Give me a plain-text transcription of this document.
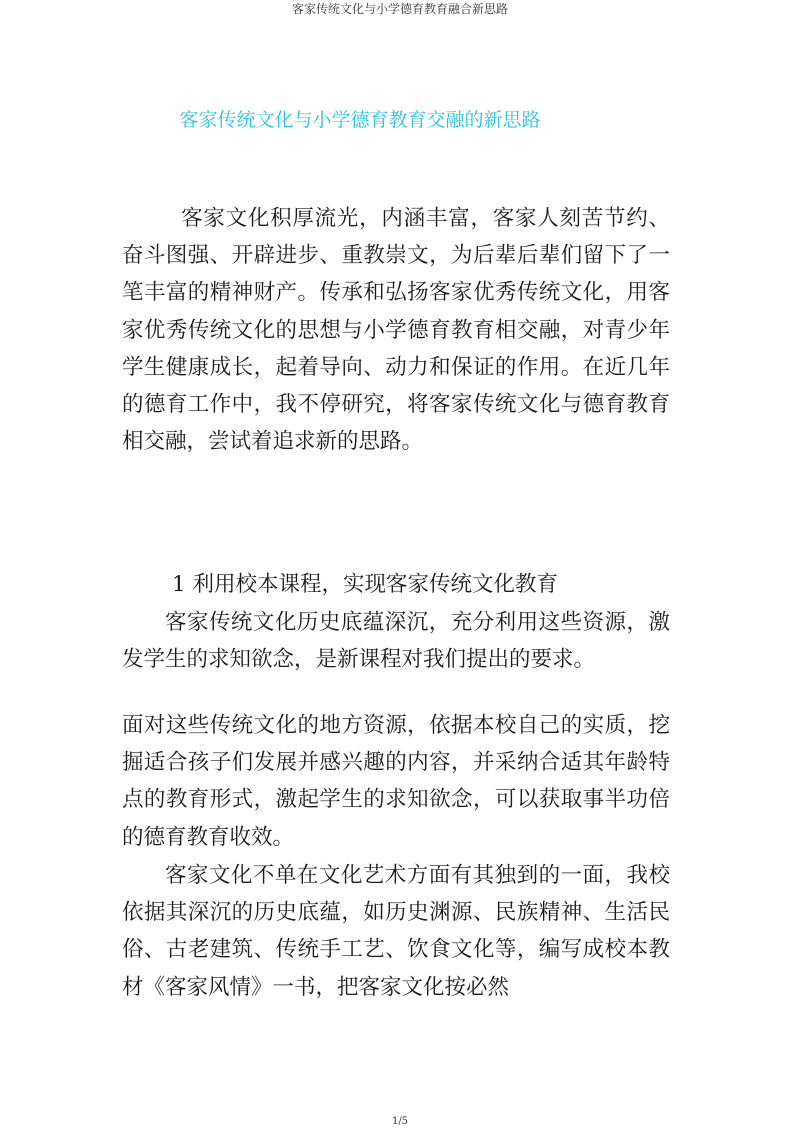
客家传统文化与小学德育教育融合新思路
客家传统文化与小学德育教育交融的新思路

客家文化积厚流光，内涵丰富，客家人刻苦节约、奋斗图强、开辟进步、重教崇文，为后辈后辈们留下了一笔丰富的精神财产。传承和弘扬客家优秀传统文化，用客家优秀传统文化的思想与小学德育教育相交融，对青少年学生健康成长，起着导向、动力和保证的作用。在近几年的德育工作中，我不停研究，将客家传统文化与德育教育相交融，尝试着追求新的思路。

1 利用校本课程，实现客家传统文化教育

客家传统文化历史底蕴深沉，充分利用这些资源，激发学生的求知欲念，是新课程对我们提出的要求。

面对这些传统文化的地方资源，依据本校自己的实质，挖掘适合孩子们发展并感兴趣的内容，并采纳合适其年龄特点的教育形式，激起学生的求知欲念，可以获取事半功倍的德育教育收效。

客家文化不单在文化艺术方面有其独到的一面，我校依据其深沉的历史底蕴，如历史渊源、民族精神、生活民俗、古老建筑、传统手工艺、饮食文化等，编写成校本教材《客家风情》一书，把客家文化按必然

1/5
